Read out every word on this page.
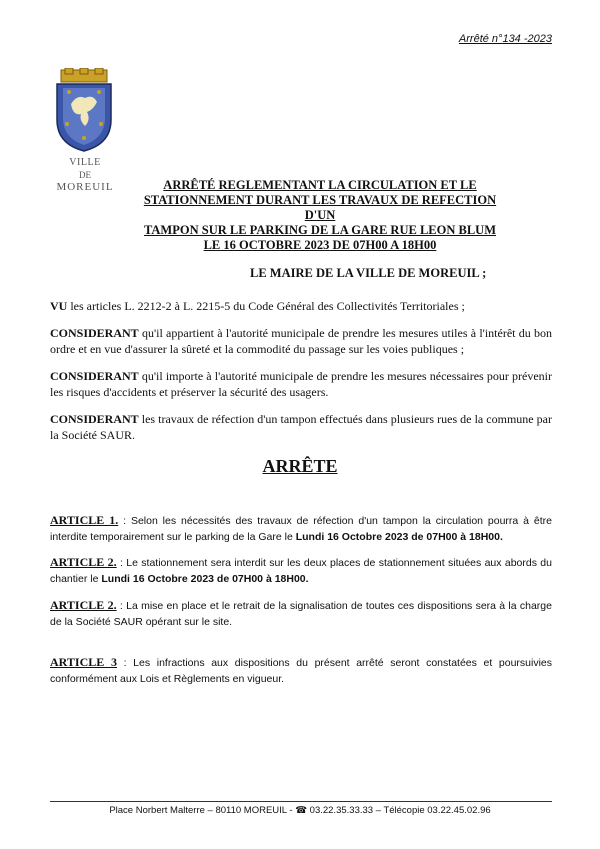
Arrêté n°134 -2023
VILLE
DE
MOREUIL	ARRÊTÉ REGLEMENTANT LA CIRCULATION ET LE
STATIONNEMENT DURANT LES TRAVAUX DE REFECTION D'UN
TAMPON SUR LE PARKING DE LA GARE RUE LEON BLUM
LE 16 OCTOBRE 2023 DE 07H00 A 18H00
LE MAIRE DE LA VILLE DE MOREUIL ;
VU les articles L. 2212-2 à L. 2215-5 du Code Général des Collectivités Territoriales ;
CONSIDERANT qu'il appartient à l'autorité municipale de prendre les mesures utiles à l'intérêt du bon ordre et en vue d'assurer la sûreté et la commodité du passage sur les voies publiques ;
CONSIDERANT qu'il importe à l'autorité municipale de prendre les mesures nécessaires pour prévenir les risques d'accidents et préserver la sécurité des usagers.
CONSIDERANT les travaux de réfection d'un tampon effectués dans plusieurs rues de la commune par la Société SAUR.
ARRÊTE
ARTICLE 1. : Selon les nécessités des travaux de réfection d'un tampon la circulation pourra à être interdite temporairement sur le parking de la Gare le Lundi 16 Octobre 2023 de 07H00 à 18H00.
ARTICLE 2. : Le stationnement sera interdit sur les deux places de stationnement situées aux abords du chantier le Lundi 16 Octobre 2023 de 07H00 à 18H00.
ARTICLE 2. : La mise en place et le retrait de la signalisation de toutes ces dispositions sera à la charge de la Société SAUR opérant sur le site.
ARTICLE 3 : Les infractions aux dispositions du présent arrêté seront constatées et poursuivies conformément aux Lois et Règlements en vigueur.
Place Norbert Malterre – 80110 MOREUIL - ☎ 03.22.35.33.33 – Télécopie 03.22.45.02.96
